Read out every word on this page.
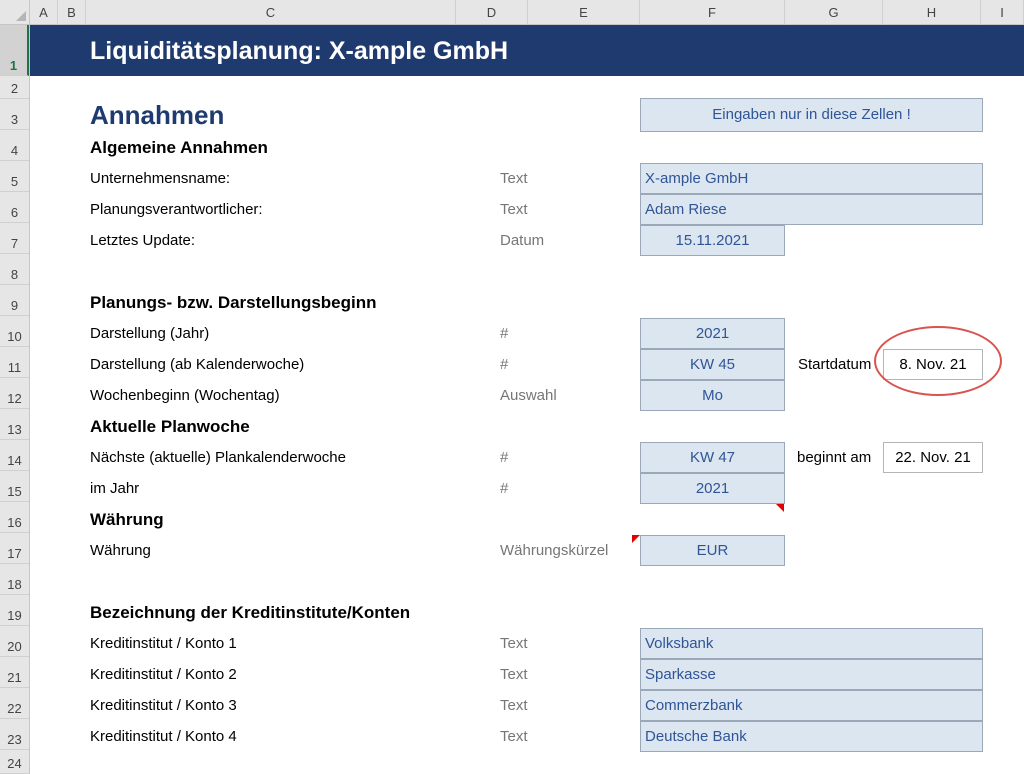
A	B	C	D	E	F	G	H	I
1
2
3
4
5
6
7
8
9
10
11
12
13
14
15
16
17
18
19
20
21
22
23
24
Liquiditätsplanung: X-ample GmbH
Annahmen	Eingaben nur in diese Zellen !
Algemeine Annahmen
Unternehmensname:	Text	X-ample GmbH
Planungsverantwortlicher:	Text	Adam Riese
Letztes Update:	Datum	15.11.2021
Planungs- bzw. Darstellungsbeginn
Darstellung (Jahr)	#	2021
Darstellung (ab Kalenderwoche)	#	KW 45	Startdatum	8. Nov. 21
Wochenbeginn (Wochentag)	Auswahl	Mo
Aktuelle Planwoche
Nächste (aktuelle) Plankalenderwoche	#	KW 47	beginnt am	22. Nov. 21
im Jahr	#	2021
Währung
Währung	Währungskürzel	EUR
Bezeichnung der Kreditinstitute/Konten
Kreditinstitut / Konto 1	Text	Volksbank
Kreditinstitut / Konto 2	Text	Sparkasse
Kreditinstitut / Konto 3	Text	Commerzbank
Kreditinstitut / Konto 4	Text	Deutsche Bank
